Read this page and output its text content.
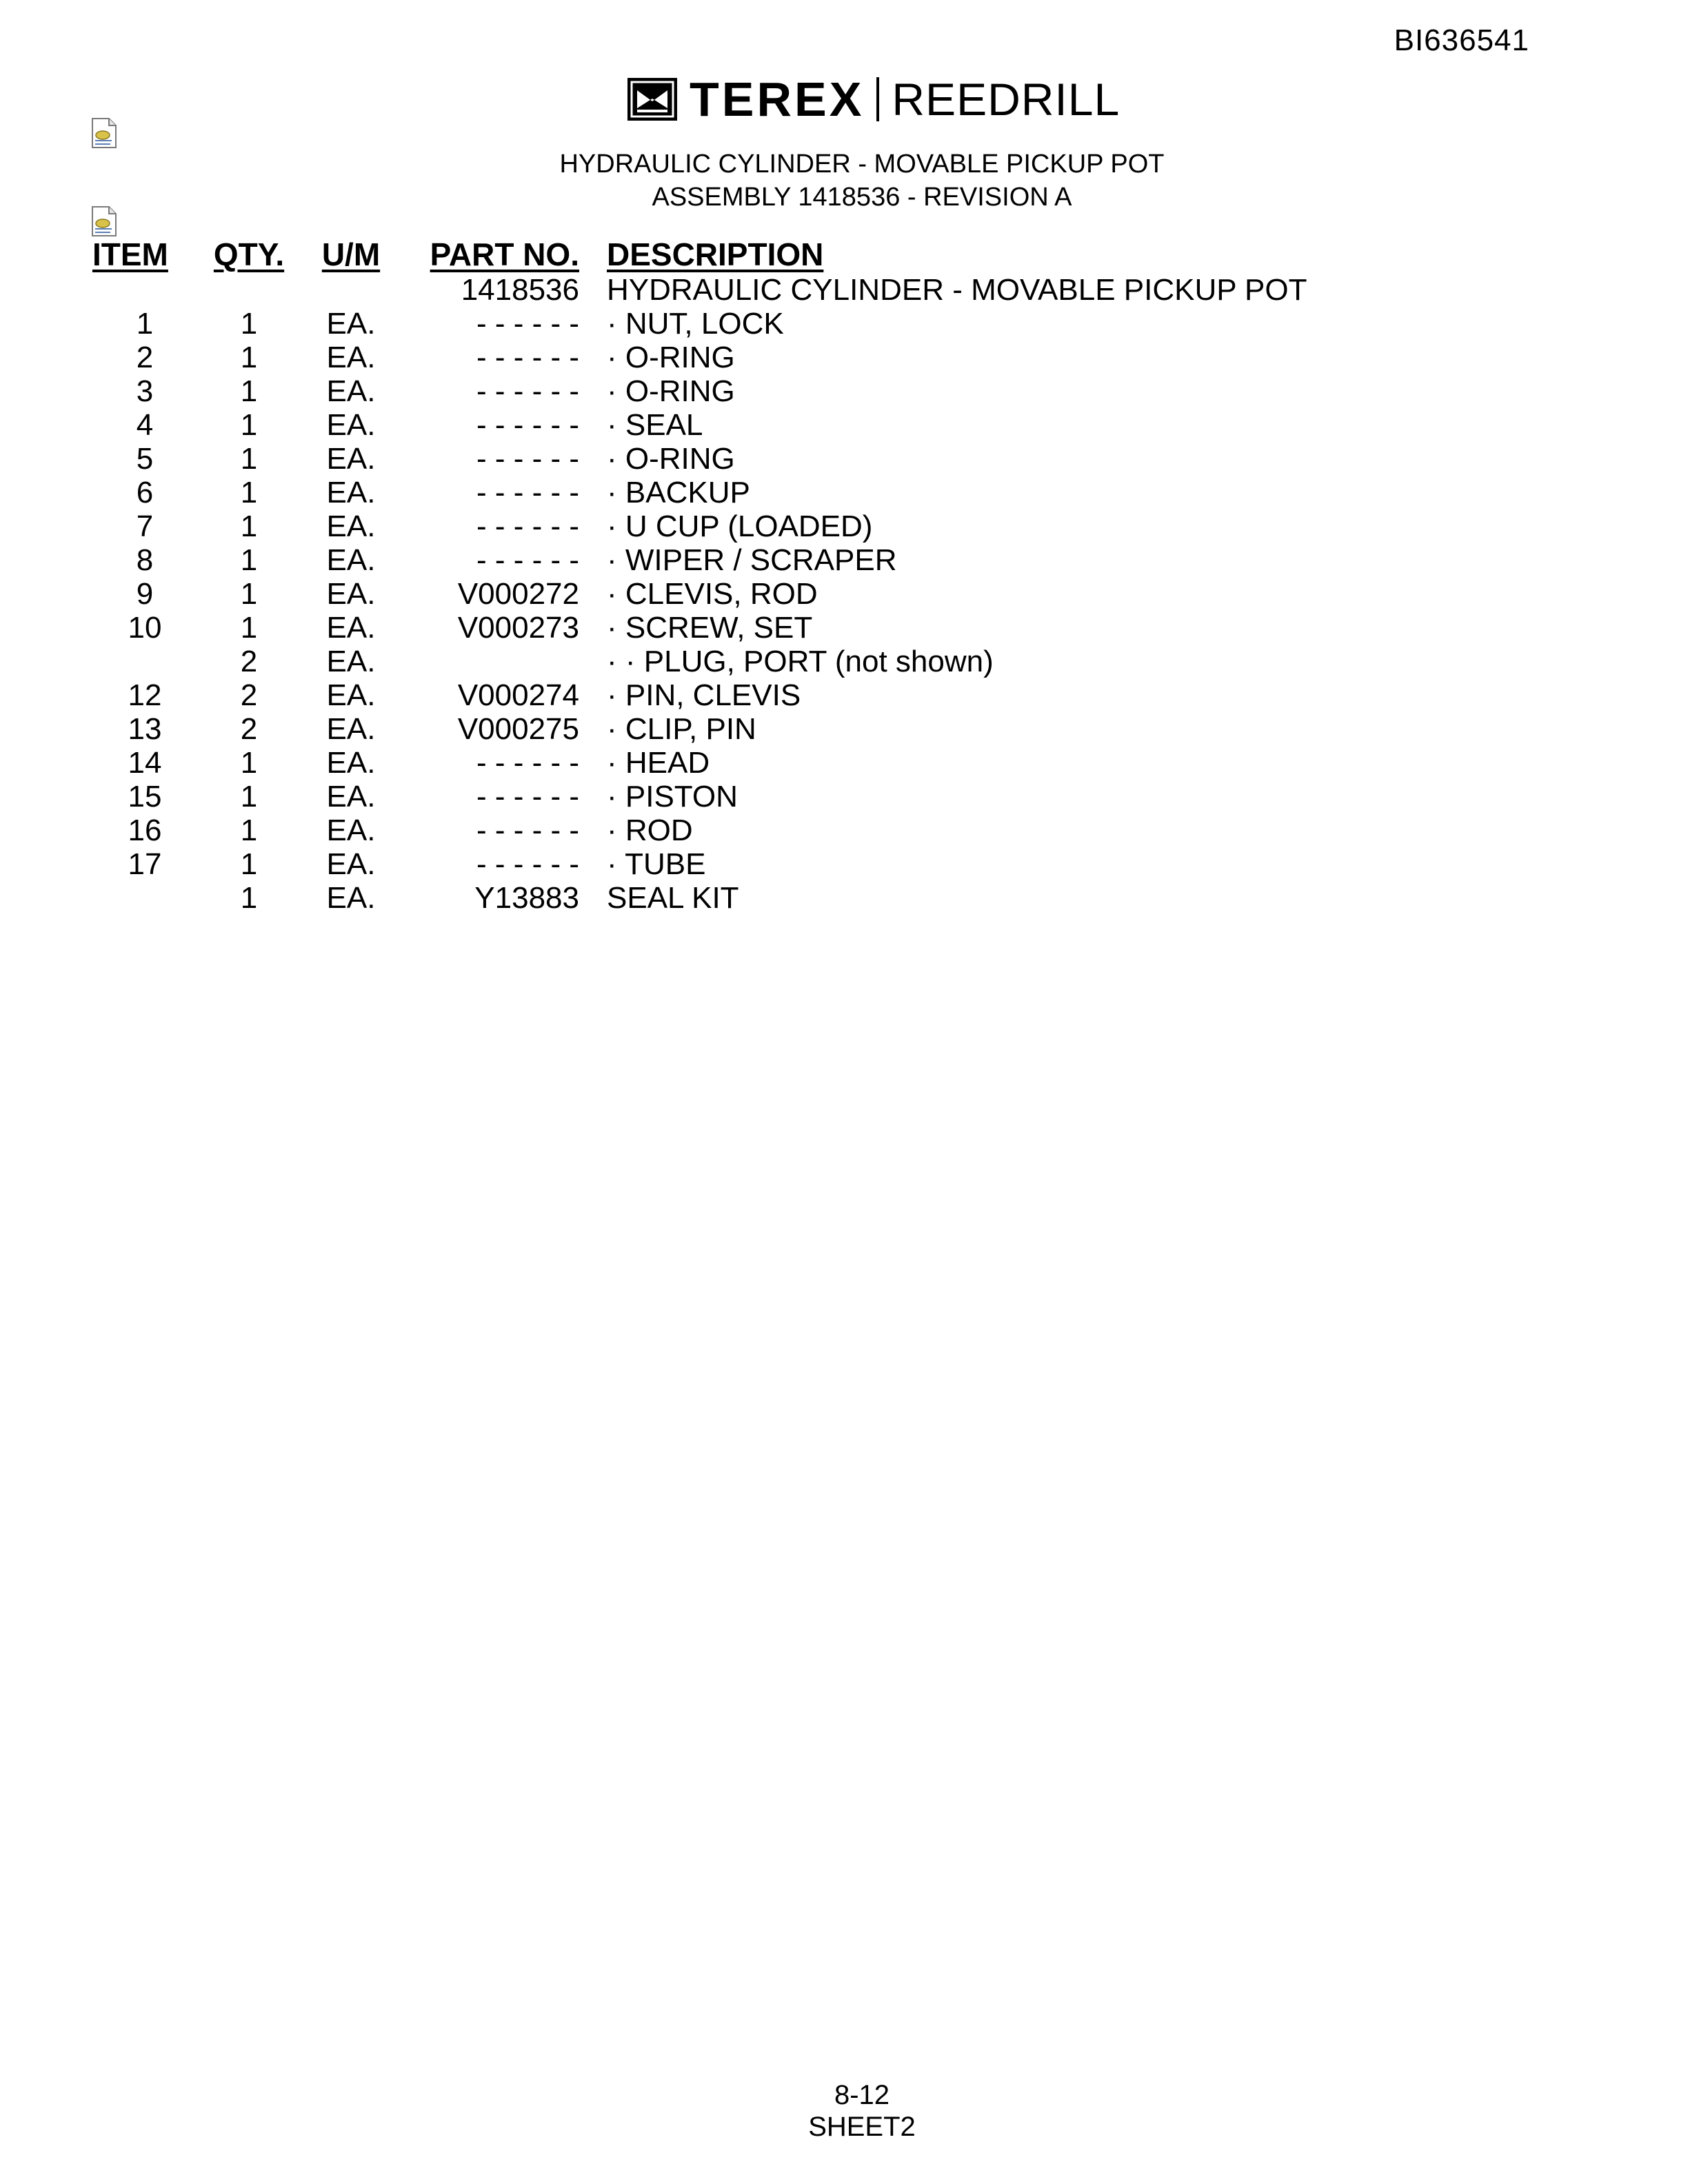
BI636541
TEREX REEDRILL
HYDRAULIC CYLINDER - MOVABLE PICKUP POT
ASSEMBLY 1418536 - REVISION A
ITEM	QTY.	U/M	PART NO.	DESCRIPTION
			1418536	HYDRAULIC CYLINDER - MOVABLE PICKUP POT
1	1	EA.	- - - - - -	· NUT, LOCK
2	1	EA.	- - - - - -	· O-RING
3	1	EA.	- - - - - -	· O-RING
4	1	EA.	- - - - - -	· SEAL
5	1	EA.	- - - - - -	· O-RING
6	1	EA.	- - - - - -	· BACKUP
7	1	EA.	- - - - - -	· U CUP (LOADED)
8	1	EA.	- - - - - -	· WIPER / SCRAPER
9	1	EA.	V000272	· CLEVIS, ROD
10	1	EA.	V000273	· SCREW, SET
	2	EA.		· · PLUG, PORT (not shown)
12	2	EA.	V000274	· PIN, CLEVIS
13	2	EA.	V000275	· CLIP, PIN
14	1	EA.	- - - - - -	· HEAD
15	1	EA.	- - - - - -	· PISTON
16	1	EA.	- - - - - -	· ROD
17	1	EA.	- - - - - -	· TUBE
	1	EA.	Y13883	SEAL KIT
8-12
SHEET2
